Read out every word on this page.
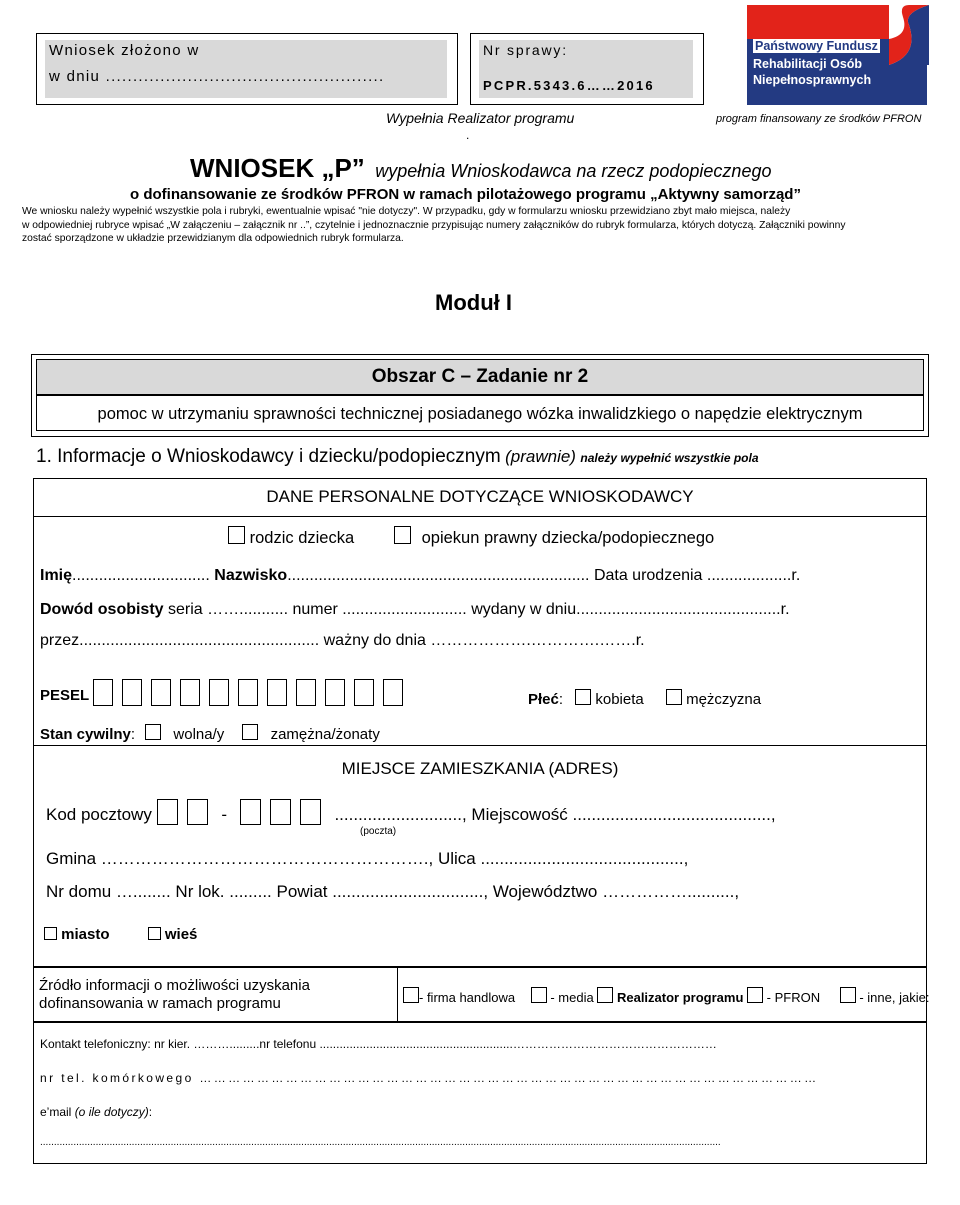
Wniosek złożono w
w dniu ...................................................
Nr sprawy:
PCPR.5343.6……2016
Wypełnia Realizator programu
.
Państwowy Fundusz
Rehabilitacji Osób
Niepełnosprawnych
program finansowany ze środków PFRON
WNIOSEK „P” wypełnia Wnioskodawca na rzecz podopiecznego
o dofinansowanie ze środków PFRON w ramach pilotażowego programu „Aktywny samorząd”
We wniosku należy wypełnić wszystkie pola i rubryki, ewentualnie wpisać "nie dotyczy". W przypadku, gdy w formularzu wniosku przewidziano zbyt mało miejsca, należy
w odpowiedniej rubryce wpisać „W załączeniu – załącznik nr ..”, czytelnie i jednoznacznie przypisując numery załączników do rubryk formularza, których dotyczą. Załączniki powinny
zostać sporządzone w układzie przewidzianym dla odpowiednich rubryk formularza.
Moduł I
Obszar C – Zadanie nr 2
pomoc w utrzymaniu sprawności technicznej posiadanego wózka inwalidzkiego o napędzie elektrycznym
1. Informacje o Wnioskodawcy i dziecku/podopiecznym (prawnie) należy wypełnić wszystkie pola
DANE PERSONALNE DOTYCZĄCE WNIOSKODAWCY
rodzic dziecka	opiekun prawny dziecka/podopiecznego
Imię............................... Nazwisko.................................................................... Data urodzenia ...................r.
Dowód osobisty seria ……........... numer ............................ wydany w dniu..............................................r.
przez...................................................... ważny do dnia ……………….………….…….r.
PESEL	Płeć:  kobieta	mężczyzna
Stan cywilny:  wolna/y	zamężna/żonaty
MIEJSCE ZAMIESZKANIA (ADRES)
Kod pocztowy	-	..........................., Miejscowość ..........................................,
(poczta)
Gmina …………………………………………………., Ulica ...........................................,
Nr domu …........ Nr lok. ......... Powiat ................................, Województwo ……………..........,
miasto	wieś
Źródło informacji o możliwości uzyskania
dofinansowania w ramach programu	- firma handlowa	- media Realizator programu - PFRON	- inne, jakie:
Kontakt telefoniczny: nr kier. ……….........nr telefonu ..........................................................……………………………………………
nr tel. komórkowego …………………………………………………………………………………………………………………
e’mail (o ile dotyczy):
.....................................................................................................................................................................................................................................................
